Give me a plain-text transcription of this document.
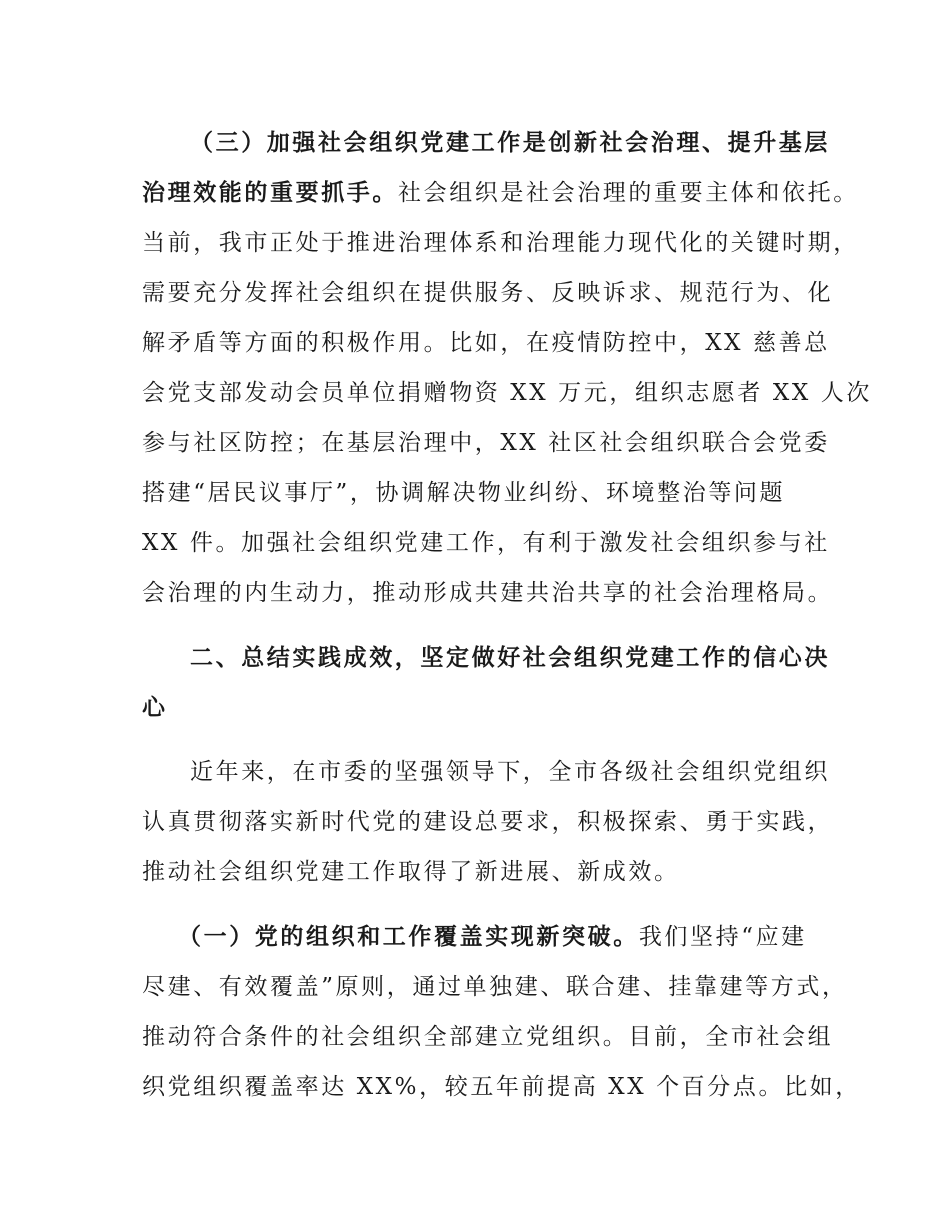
（三）加强社会组织党建工作是创新社会治理、提升基层

治理效能的重要抓手。社会组织是社会治理的重要主体和依托。

当前，我市正处于推进治理体系和治理能力现代化的关键时期，

需要充分发挥社会组织在提供服务、反映诉求、规范行为、化

解矛盾等方面的积极作用。比如，在疫情防控中，XX 慈善总

会党支部发动会员单位捐赠物资 XX 万元，组织志愿者 XX 人次

参与社区防控；在基层治理中，XX 社区社会组织联合会党委

搭建“居民议事厅”，协调解决物业纠纷、环境整治等问题

XX 件。加强社会组织党建工作，有利于激发社会组织参与社

会治理的内生动力，推动形成共建共治共享的社会治理格局。

二、总结实践成效，坚定做好社会组织党建工作的信心决

心

近年来，在市委的坚强领导下，全市各级社会组织党组织

认真贯彻落实新时代党的建设总要求，积极探索、勇于实践，

推动社会组织党建工作取得了新进展、新成效。

（一）党的组织和工作覆盖实现新突破。我们坚持“应建

尽建、有效覆盖”原则，通过单独建、联合建、挂靠建等方式，

推动符合条件的社会组织全部建立党组织。目前，全市社会组

织党组织覆盖率达 XX%，较五年前提高 XX 个百分点。比如，
